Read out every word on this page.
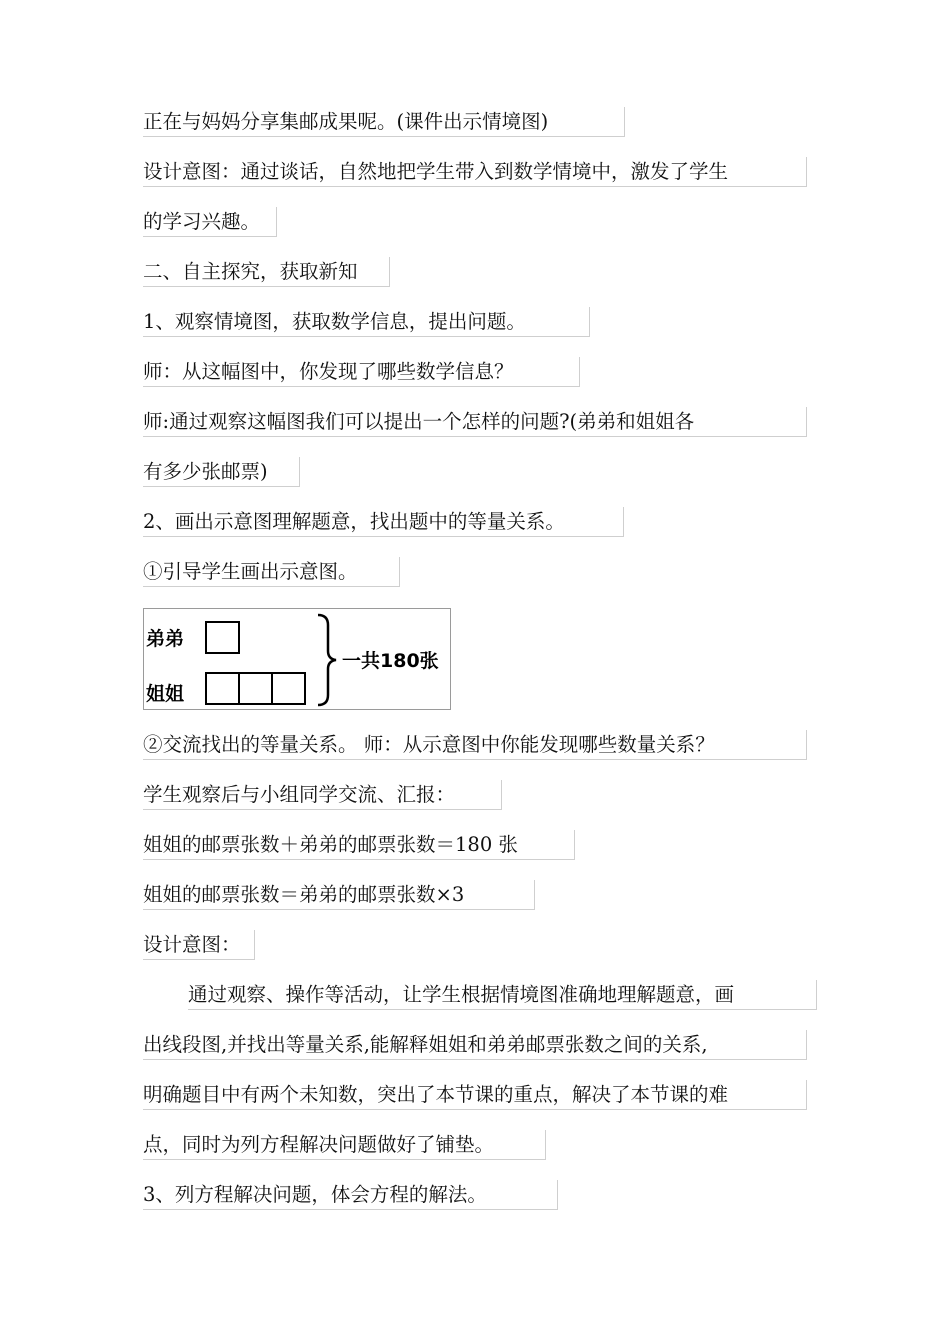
正在与妈妈分享集邮成果呢。(课件出示情境图)
设计意图：通过谈话，自然地把学生带入到数学情境中，激发了学生
的学习兴趣。
二、自主探究，获取新知
1、观察情境图，获取数学信息，提出问题。
师：从这幅图中，你发现了哪些数学信息？
师:通过观察这幅图我们可以提出一个怎样的问题?(弟弟和姐姐各
有多少张邮票)
2、画出示意图理解题意，找出题中的等量关系。
①引导学生画出示意图。
弟弟
姐姐
一共180张
②交流找出的等量关系。 师：从示意图中你能发现哪些数量关系？
学生观察后与小组同学交流、汇报：
姐姐的邮票张数＋弟弟的邮票张数＝180 张
姐姐的邮票张数＝弟弟的邮票张数×3
设计意图：
通过观察、操作等活动，让学生根据情境图准确地理解题意，画
出线段图,并找出等量关系,能解释姐姐和弟弟邮票张数之间的关系,
明确题目中有两个未知数，突出了本节课的重点，解决了本节课的难
点，同时为列方程解决问题做好了铺垫。
3、列方程解决问题，体会方程的解法。
